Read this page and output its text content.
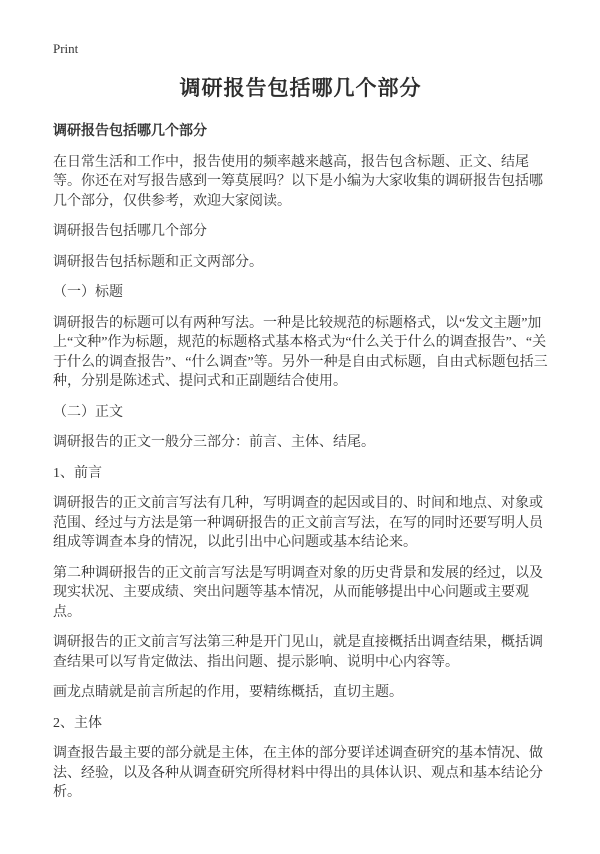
Print
调研报告包括哪几个部分

调研报告包括哪几个部分

在日常生活和工作中，报告使用的频率越来越高，报告包含标题、正文、结尾等。你还在对写报告感到一筹莫展吗？以下是小编为大家收集的调研报告包括哪几个部分，仅供参考，欢迎大家阅读。

调研报告包括哪几个部分

调研报告包括标题和正文两部分。

（一）标题

调研报告的标题可以有两种写法。一种是比较规范的标题格式，以“发文主题”加上“文种”作为标题，规范的标题格式基本格式为“什么关于什么的调查报告”、“关于什么的调查报告”、“什么调查”等。另外一种是自由式标题，自由式标题包括三种，分别是陈述式、提问式和正副题结合使用。

（二）正文

调研报告的正文一般分三部分：前言、主体、结尾。

1、前言

调研报告的正文前言写法有几种，写明调查的起因或目的、时间和地点、对象或范围、经过与方法是第一种调研报告的正文前言写法，在写的同时还要写明人员组成等调查本身的情况，以此引出中心问题或基本结论来。

第二种调研报告的正文前言写法是写明调查对象的历史背景和发展的经过，以及现实状况、主要成绩、突出问题等基本情况，从而能够提出中心问题或主要观点。

调研报告的正文前言写法第三种是开门见山，就是直接概括出调查结果，概括调查结果可以写肯定做法、指出问题、提示影响、说明中心内容等。

画龙点睛就是前言所起的作用，要精练概括，直切主题。

2、主体

调查报告最主要的部分就是主体，在主体的部分要详述调查研究的基本情况、做法、经验，以及各种从调查研究所得材料中得出的具体认识、观点和基本结论分析。
